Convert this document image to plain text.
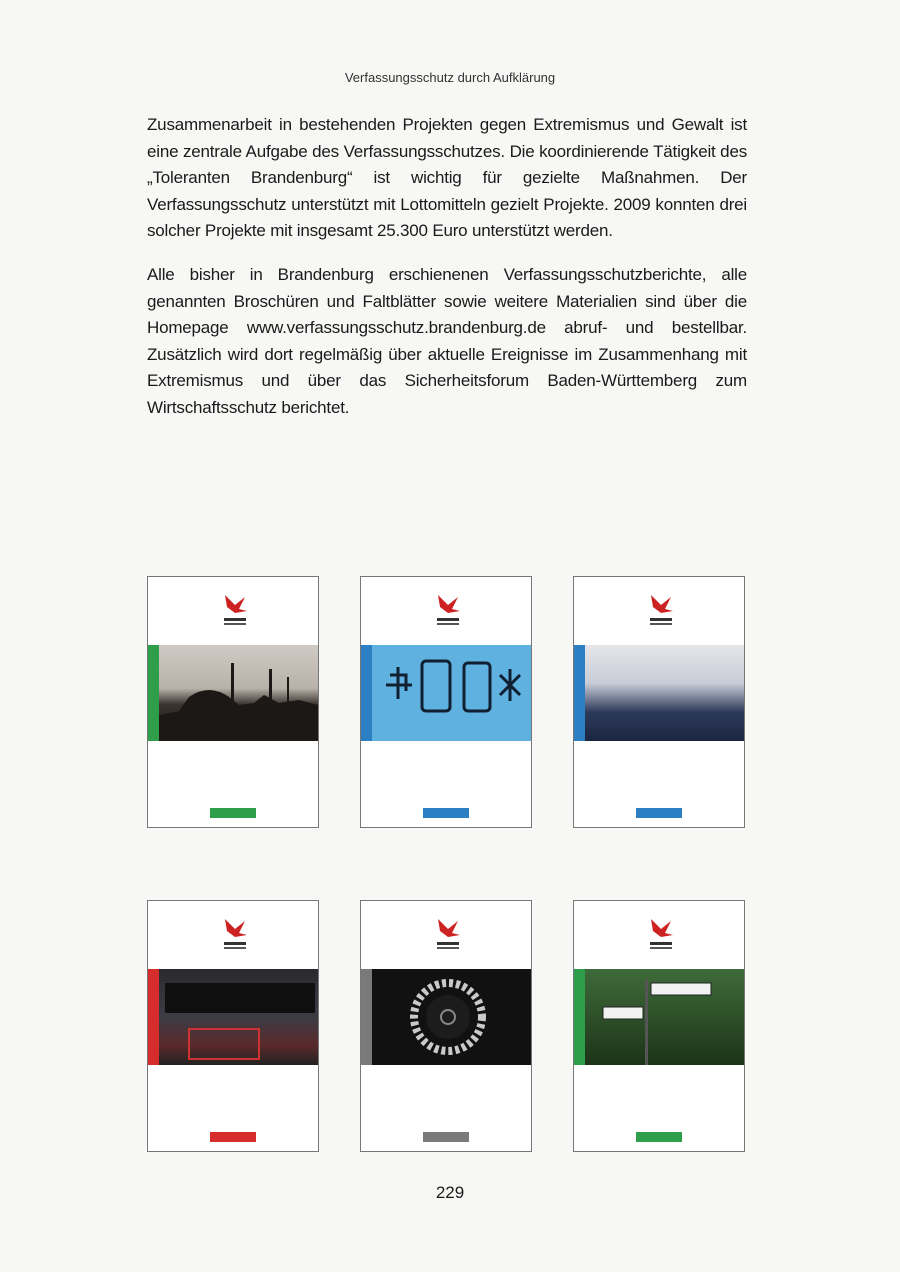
Verfassungsschutz durch Aufklärung

Zusammenarbeit in bestehenden Projekten gegen Extremismus und Gewalt ist eine zentrale Aufgabe des Verfassungsschutzes. Die koordinierende Tätigkeit des „Toleranten Brandenburg“ ist wichtig für gezielte Maßnahmen. Der Verfassungsschutz unterstützt mit Lottomitteln gezielt Projekte. 2009 konnten drei solcher Projekte mit insgesamt 25.300 Euro unterstützt werden.

Alle bisher in Brandenburg erschienenen Verfassungsschutzberichte, alle genannten Broschüren und Faltblätter sowie weitere Materialien sind über die Homepage www.verfassungsschutz.brandenburg.de abruf- und bestellbar. Zusätzlich wird dort regelmäßig über aktuelle Ereignisse im Zusammenhang mit Extremismus und über das Sicherheitsforum Baden-Württemberg zum Wirtschaftsschutz berichtet.

229
